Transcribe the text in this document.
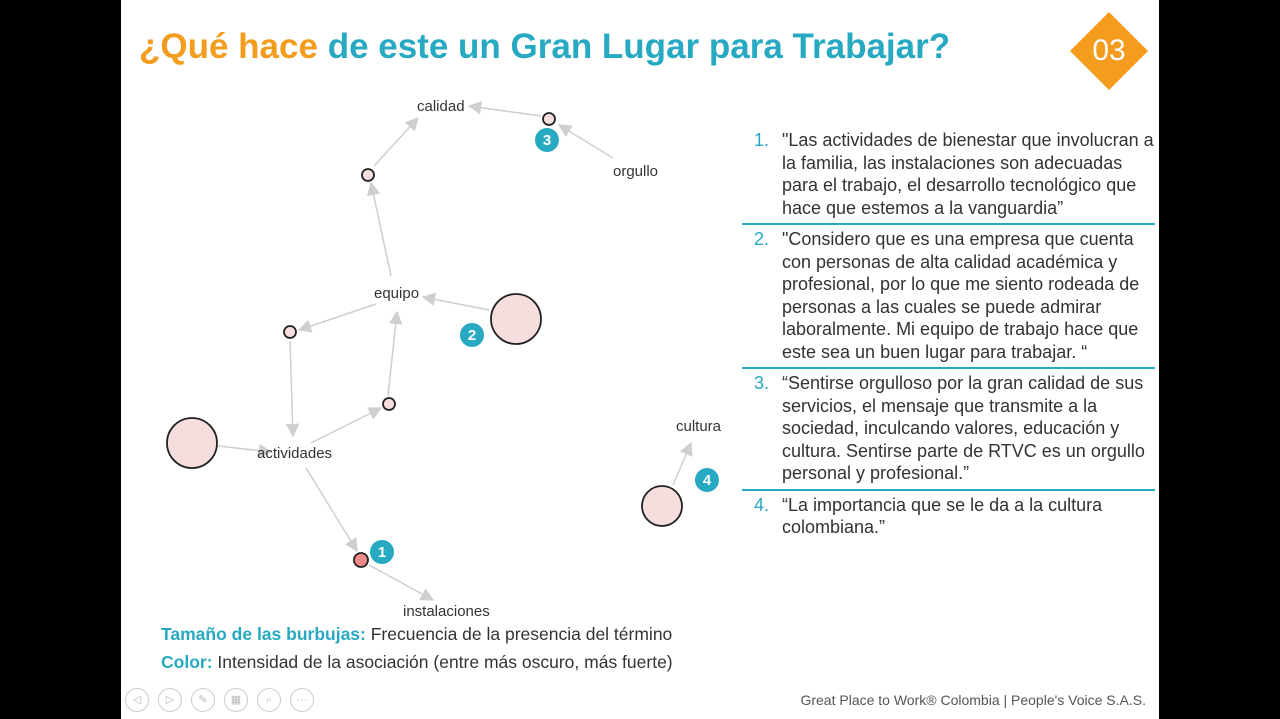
¿Qué hace de este un Gran Lugar para Trabajar?	03
calidad
orgullo
equipo
actividades
cultura
instalaciones
1
2
3
4
1. "Las actividades de bienestar que involucran a la familia, las instalaciones son adecuadas para el trabajo, el desarrollo tecnológico que hace que estemos a la vanguardia”
2. "Considero que es una empresa que cuenta con personas de alta calidad académica y profesional, por lo que me siento rodeada de personas a las cuales se puede admirar laboralmente. Mi equipo de trabajo hace que este sea un buen lugar para trabajar. “
3. “Sentirse orgulloso por la gran calidad de sus servicios, el mensaje que transmite a la sociedad, inculcando valores, educación y cultura. Sentirse parte de RTVC es un orgullo personal y profesional.”
4. “La importancia que se le da a la cultura colombiana.”
Tamaño de las burbujas: Frecuencia de la presencia del término
Color: Intensidad de la asociación (entre más oscuro, más fuerte)
◁	▷	✎	▦	⌕	···	Great Place to Work® Colombia | People's Voice S.A.S.
